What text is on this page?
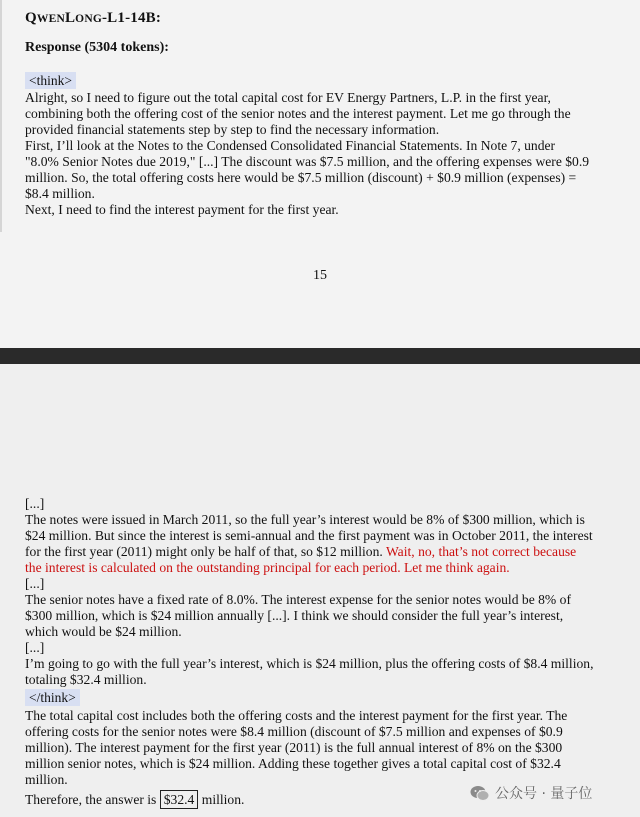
QWENLONG-L1-14B:
Response (5304 tokens):
<think>
Alright, so I need to figure out the total capital cost for EV Energy Partners, L.P. in the first year,
combining both the offering cost of the senior notes and the interest payment. Let me go through the
provided financial statements step by step to find the necessary information.
First, I’ll look at the Notes to the Condensed Consolidated Financial Statements. In Note 7, under
"8.0% Senior Notes due 2019," [...] The discount was $7.5 million, and the offering expenses were $0.9
million. So, the total offering costs here would be $7.5 million (discount) + $0.9 million (expenses) =
$8.4 million.
Next, I need to find the interest payment for the first year.
15
[...]
The notes were issued in March 2011, so the full year’s interest would be 8% of $300 million, which is
$24 million. But since the interest is semi-annual and the first payment was in October 2011, the interest
for the first year (2011) might only be half of that, so $12 million. Wait, no, that’s not correct because
the interest is calculated on the outstanding principal for each period. Let me think again.
[...]
The senior notes have a fixed rate of 8.0%. The interest expense for the senior notes would be 8% of
$300 million, which is $24 million annually [...]. I think we should consider the full year’s interest,
which would be $24 million.
[...]
I’m going to go with the full year’s interest, which is $24 million, plus the offering costs of $8.4 million,
totaling $32.4 million.
</think>
The total capital cost includes both the offering costs and the interest payment for the first year. The
offering costs for the senior notes were $8.4 million (discount of $7.5 million and expenses of $0.9
million). The interest payment for the first year (2011) is the full annual interest of 8% on the $300
million senior notes, which is $24 million. Adding these together gives a total capital cost of $32.4
million.
Therefore, the answer is $32.4 million.	公众号 · 量子位
